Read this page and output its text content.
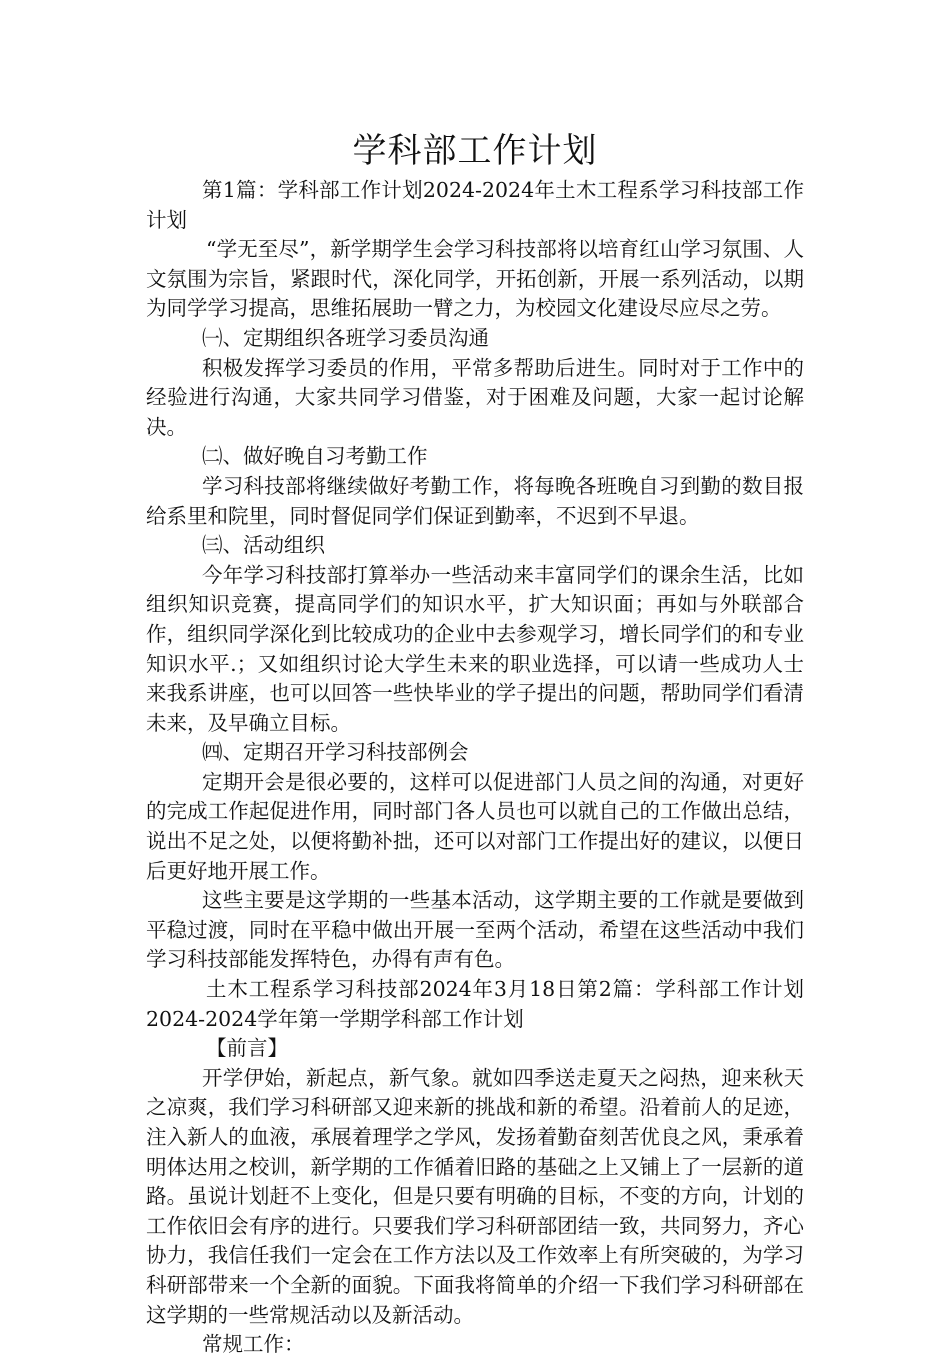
学科部工作计划

第1篇：学科部工作计划2024-2024年土木工程系学习科技部工作计划

“学无至尽”，新学期学生会学习科技部将以培育红山学习氛围、人文氛围为宗旨，紧跟时代，深化同学，开拓创新，开展一系列活动，以期为同学学习提高，思维拓展助一臂之力，为校园文化建设尽应尽之劳。

㈠、定期组织各班学习委员沟通

积极发挥学习委员的作用，平常多帮助后进生。同时对于工作中的经验进行沟通，大家共同学习借鉴，对于困难及问题，大家一起讨论解决。

㈡、做好晚自习考勤工作

学习科技部将继续做好考勤工作，将每晚各班晚自习到勤的数目报给系里和院里，同时督促同学们保证到勤率，不迟到不早退。

㈢、活动组织

今年学习科技部打算举办一些活动来丰富同学们的课余生活，比如组织知识竞赛，提高同学们的知识水平，扩大知识面；再如与外联部合作，组织同学深化到比较成功的企业中去参观学习，增长同学们的和专业知识水平.；又如组织讨论大学生未来的职业选择，可以请一些成功人士来我系讲座，也可以回答一些快毕业的学子提出的问题，帮助同学们看清未来，及早确立目标。

㈣、定期召开学习科技部例会

定期开会是很必要的，这样可以促进部门人员之间的沟通，对更好的完成工作起促进作用，同时部门各人员也可以就自己的工作做出总结，说出不足之处，以便将勤补拙，还可以对部门工作提出好的建议，以便日后更好地开展工作。

这些主要是这学期的一些基本活动，这学期主要的工作就是要做到平稳过渡，同时在平稳中做出开展一至两个活动，希望在这些活动中我们学习科技部能发挥特色，办得有声有色。

土木工程系学习科技部2024年3月18日第2篇：学科部工作计划2024-2024学年第一学期学科部工作计划

【前言】

开学伊始，新起点，新气象。就如四季送走夏天之闷热，迎来秋天之凉爽，我们学习科研部又迎来新的挑战和新的希望。沿着前人的足迹，注入新人的血液，承展着理学之学风，发扬着勤奋刻苦优良之风，秉承着明体达用之校训，新学期的工作循着旧路的基础之上又铺上了一层新的道路。虽说计划赶不上变化，但是只要有明确的目标，不变的方向，计划的工作依旧会有序的进行。只要我们学习科研部团结一致，共同努力，齐心协力，我信任我们一定会在工作方法以及工作效率上有所突破的，为学习科研部带来一个全新的面貌。下面我将简单的介绍一下我们学习科研部在这学期的一些常规活动以及新活动。

常规工作：
